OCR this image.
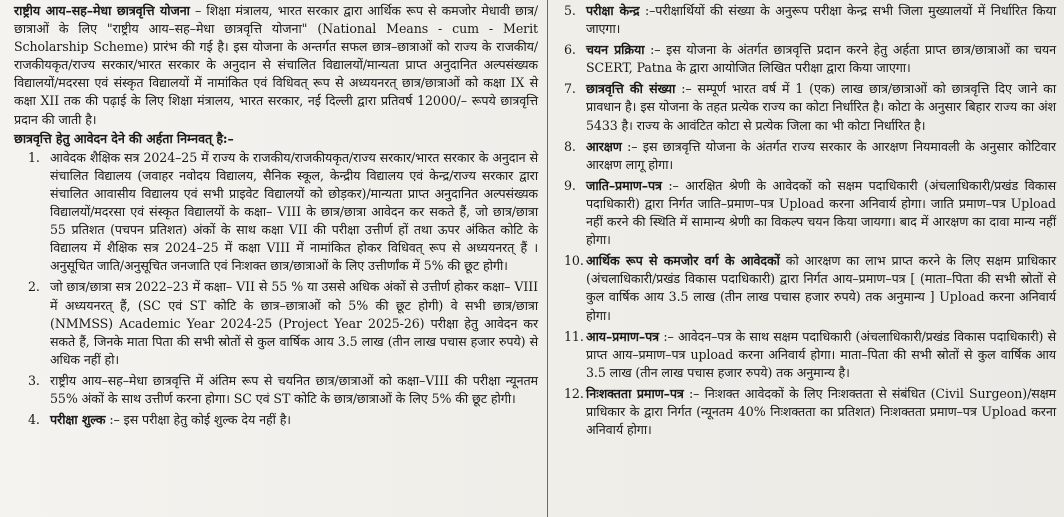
राष्ट्रीय आय–सह–मेधा छात्रवृत्ति योजना – शिक्षा मंत्रालय, भारत सरकार द्वारा आर्थिक रूप से कमजोर मेधावी छात्र/छात्राओं के लिए "राष्ट्रीय आय–सह–मेधा छात्रवृत्ति योजना" (National Means - cum - Merit Scholarship Scheme) प्रारंभ की गई है। इस योजना के अन्तर्गत सफल छात्र–छात्राओं को राज्य के राजकीय/राजकीयकृत/राज्य सरकार/भारत सरकार के अनुदान से संचालित विद्यालयों/मान्यता प्राप्त अनुदानित अल्पसंख्यक विद्यालयों/मदरसा एवं संस्कृत विद्यालयों में नामांकित एवं विधिवत् रूप से अध्ययनरत् छात्र/छात्राओं को कक्षा IX से कक्षा XII तक की पढ़ाई के लिए शिक्षा मंत्रालय, भारत सरकार, नई दिल्ली द्वारा प्रतिवर्ष 12000/– रूपये छात्रवृत्ति प्रदान की जाती है।

छात्रवृत्ति हेतु आवेदन देने की अर्हता निम्नवत् है:–

1. आवेदक शैक्षिक सत्र 2024–25 में राज्य के राजकीय/राजकीयकृत/राज्य सरकार/भारत सरकार के अनुदान से संचालित विद्यालय (जवाहर नवोदय विद्यालय, सैनिक स्कूल, केन्द्रीय विद्यालय एवं केन्द्र/राज्य सरकार द्वारा संचालित आवासीय विद्यालय एवं सभी प्राइवेट विद्यालयों को छोड़कर)/मान्यता प्राप्त अनुदानित अल्पसंख्यक विद्यालयों/मदरसा एवं संस्कृत विद्यालयों के कक्षा– VIII के छात्र/छात्रा आवेदन कर सकते हैं, जो छात्र/छात्रा 55 प्रतिशत (पचपन प्रतिशत) अंकों के साथ कक्षा VII की परीक्षा उत्तीर्ण हों तथा ऊपर अंकित कोटि के विद्यालय में शैक्षिक सत्र 2024–25 में कक्षा VIII में नामांकित होकर विधिवत् रूप से अध्ययनरत् हैं । अनुसूचित जाति/अनुसूचित जनजाति एवं निःशक्त छात्र/छात्राओं के लिए उत्तीर्णांक में 5% की छूट होगी।
2. जो छात्र/छात्रा सत्र 2022–23 में कक्षा– VII से 55 % या उससे अधिक अंकों से उत्तीर्ण होकर कक्षा– VIII में अध्ययनरत् हैं, (SC एवं ST कोटि के छात्र–छात्राओं को 5% की छूट होगी) वे सभी छात्र/छात्रा (NMMSS) Academic Year 2024-25 (Project Year 2025-26) परीक्षा हेतु आवेदन कर सकते हैं, जिनके माता पिता की सभी स्रोतों से कुल वार्षिक आय 3.5 लाख (तीन लाख पचास हजार रुपये) से अधिक नहीं हो।
3. राष्ट्रीय आय–सह–मेधा छात्रवृत्ति में अंतिम रूप से चयनित छात्र/छात्राओं को कक्षा–VIII की परीक्षा न्यूनतम 55% अंकों के साथ उत्तीर्ण करना होगा। SC एवं ST कोटि के छात्र/छात्राओं के लिए 5% की छूट होगी।
4. परीक्षा शुल्क :– इस परीक्षा हेतु कोई शुल्क देय नहीं है।
5. परीक्षा केन्द्र :–परीक्षार्थियों की संख्या के अनुरूप परीक्षा केन्द्र सभी जिला मुख्यालयों में निर्धारित किया जाएगा।
6. चयन प्रक्रिया :– इस योजना के अंतर्गत छात्रवृत्ति प्रदान करने हेतु अर्हता प्राप्त छात्र/छात्राओं का चयन SCERT, Patna के द्वारा आयोजित लिखित परीक्षा द्वारा किया जाएगा।
7. छात्रवृत्ति की संख्या :– सम्पूर्ण भारत वर्ष में 1 (एक) लाख छात्र/छात्राओं को छात्रवृत्ति दिए जाने का प्रावधान है। इस योजना के तहत प्रत्येक राज्य का कोटा निर्धारित है। कोटा के अनुसार बिहार राज्य का अंश 5433 है। राज्य के आवंटित कोटा से प्रत्येक जिला का भी कोटा निर्धारित है।
8. आरक्षण :– इस छात्रवृत्ति योजना के अंतर्गत राज्य सरकार के आरक्षण नियमावली के अनुसार कोटिवार आरक्षण लागू होगा।
9. जाति–प्रमाण–पत्र :– आरक्षित श्रेणी के आवेदकों को सक्षम पदाधिकारी (अंचलाधिकारी/प्रखंड विकास पदाधिकारी) द्वारा निर्गत जाति–प्रमाण–पत्र Upload करना अनिवार्य होगा। जाति प्रमाण–पत्र Upload नहीं करने की स्थिति में सामान्य श्रेणी का विकल्प चयन किया जायगा। बाद में आरक्षण का दावा मान्य नहीं होगा।
10. आर्थिक रूप से कमजोर वर्ग के आवेदकों को आरक्षण का लाभ प्राप्त करने के लिए सक्षम प्राधिकार (अंचलाधिकारी/प्रखंड विकास पदाधिकारी) द्वारा निर्गत आय–प्रमाण–पत्र [ (माता–पिता की सभी स्रोतों से कुल वार्षिक आय 3.5 लाख (तीन लाख पचास हजार रुपये) तक अनुमान्य ] Upload करना अनिवार्य होगा।
11. आय–प्रमाण–पत्र :– आवेदन–पत्र के साथ सक्षम पदाधिकारी (अंचलाधिकारी/प्रखंड विकास पदाधिकारी) से प्राप्त आय–प्रमाण–पत्र upload करना अनिवार्य होगा। माता–पिता की सभी स्रोतों से कुल वार्षिक आय 3.5 लाख (तीन लाख पचास हजार रुपये) तक अनुमान्य है।
12. निःशक्तता प्रमाण–पत्र :– निःशक्त आवेदकों के लिए निःशक्तता से संबंधित (Civil Surgeon)/सक्षम प्राधिकार के द्वारा निर्गत (न्यूनतम 40% निःशक्तता का प्रतिशत) निःशक्तता प्रमाण–पत्र Upload करना अनिवार्य होगा।
